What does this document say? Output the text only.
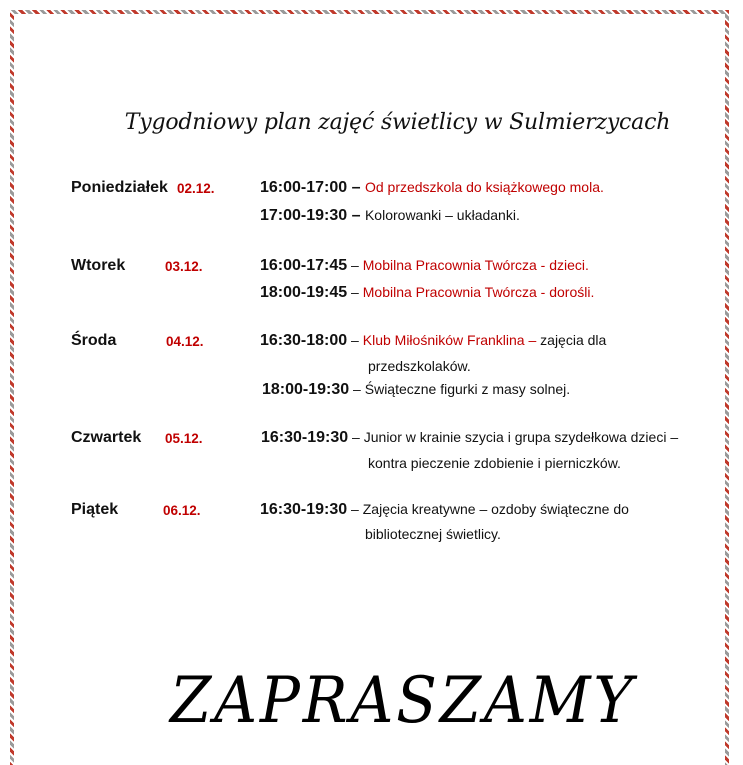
Tygodniowy plan zajęć świetlicy w Sulmierzycach
Poniedziałek 02.12.	16:00-17:00 – Od przedszkola do książkowego mola.
17:00-19:30 – Kolorowanki – układanki.
Wtorek	03.12.	16:00-17:45 – Mobilna Pracownia Twórcza - dzieci.
18:00-19:45 – Mobilna Pracownia Twórcza - dorośli.
Środa	04.12.	16:30-18:00 – Klub Miłośników Franklina – zajęcia dla
przedszkolaków.
18:00-19:30 – Świąteczne figurki z masy solnej.
Czwartek 05.12.	16:30-19:30 – Junior w krainie szycia i grupa szydełkowa dzieci –
kontra pieczenie zdobienie i pierniczków.
Piątek	06.12.	16:30-19:30 – Zajęcia kreatywne – ozdoby świąteczne do
bibliotecznej świetlicy.
ZAPRASZAMY
